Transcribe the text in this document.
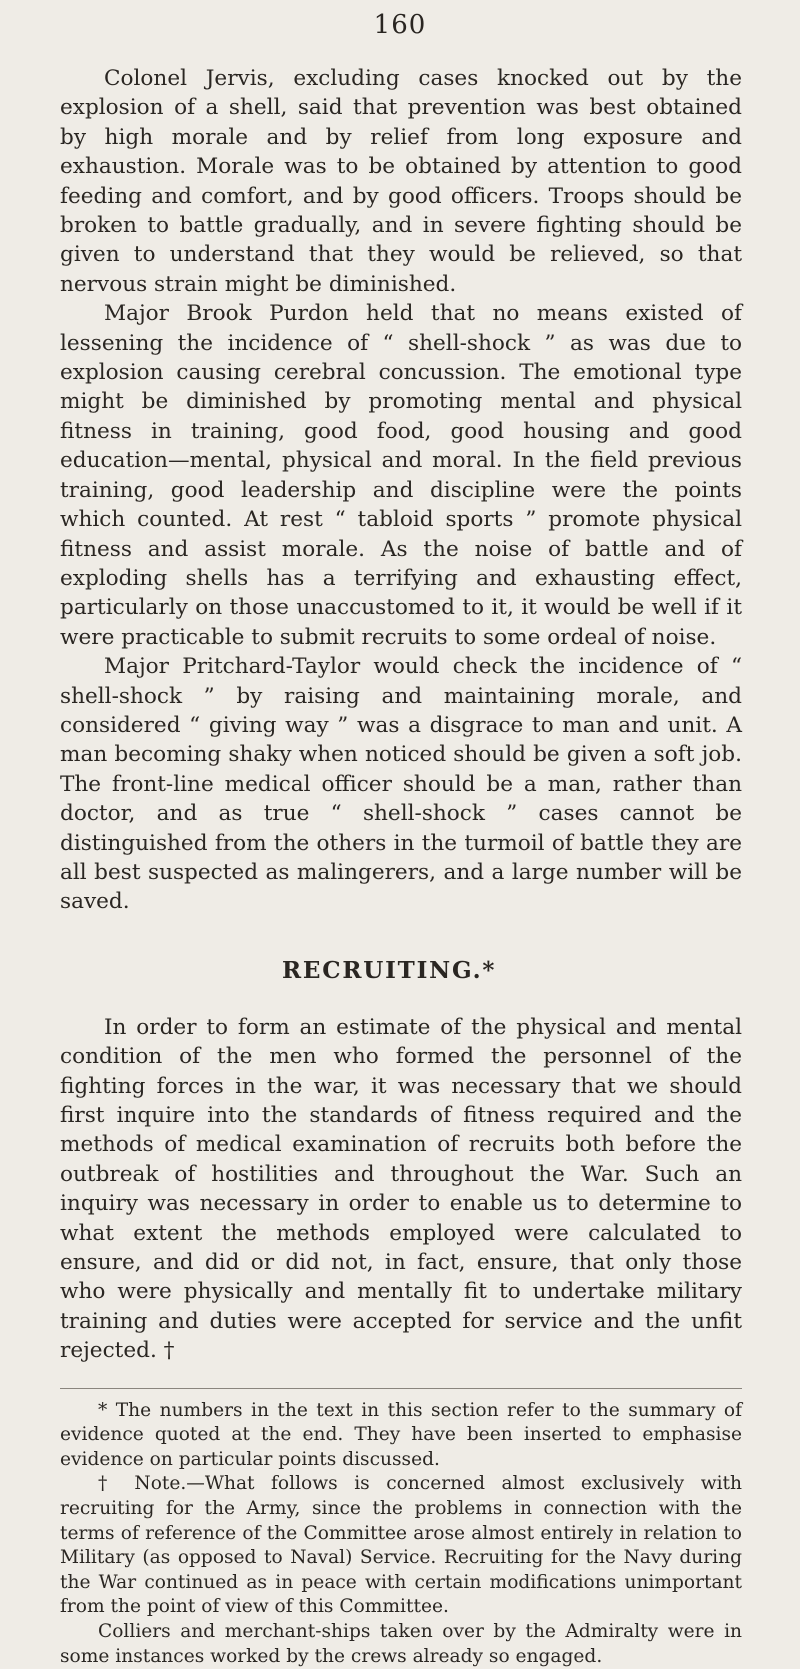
160

Colonel Jervis, excluding cases knocked out by the explosion of a shell, said that prevention was best obtained by high morale and by relief from long exposure and exhaustion. Morale was to be obtained by attention to good feeding and comfort, and by good officers. Troops should be broken to battle gradually, and in severe fighting should be given to understand that they would be relieved, so that nervous strain might be diminished.

Major Brook Purdon held that no means existed of lessening the incidence of “ shell-shock ” as was due to explosion causing cerebral concussion. The emotional type might be diminished by promoting mental and physical fitness in training, good food, good housing and good education—mental, physical and moral. In the field previous training, good leadership and discipline were the points which counted. At rest “ tabloid sports ” promote physical fitness and assist morale. As the noise of battle and of exploding shells has a terrifying and exhausting effect, particularly on those unaccustomed to it, it would be well if it were practicable to submit recruits to some ordeal of noise.

Major Pritchard-Taylor would check the incidence of “ shell-shock ” by raising and maintaining morale, and considered “ giving way ” was a disgrace to man and unit. A man becoming shaky when noticed should be given a soft job. The front-line medical officer should be a man, rather than doctor, and as true “ shell-shock ” cases cannot be distinguished from the others in the turmoil of battle they are all best suspected as malingerers, and a large number will be saved.

RECRUITING.*

In order to form an estimate of the physical and mental condition of the men who formed the personnel of the fighting forces in the war, it was necessary that we should first inquire into the standards of fitness required and the methods of medical examination of recruits both before the outbreak of hostilities and throughout the War. Such an inquiry was necessary in order to enable us to determine to what extent the methods employed were calculated to ensure, and did or did not, in fact, ensure, that only those who were physically and mentally fit to undertake military training and duties were accepted for service and the unfit rejected. †

* The numbers in the text in this section refer to the summary of evidence quoted at the end. They have been inserted to emphasise evidence on particular points discussed.

† Note.—What follows is concerned almost exclusively with recruiting for the Army, since the problems in connection with the terms of reference of the Committee arose almost entirely in relation to Military (as opposed to Naval) Service. Recruiting for the Navy during the War continued as in peace with certain modifications unimportant from the point of view of this Committee.

Colliers and merchant-ships taken over by the Admiralty were in some instances worked by the crews already so engaged.
